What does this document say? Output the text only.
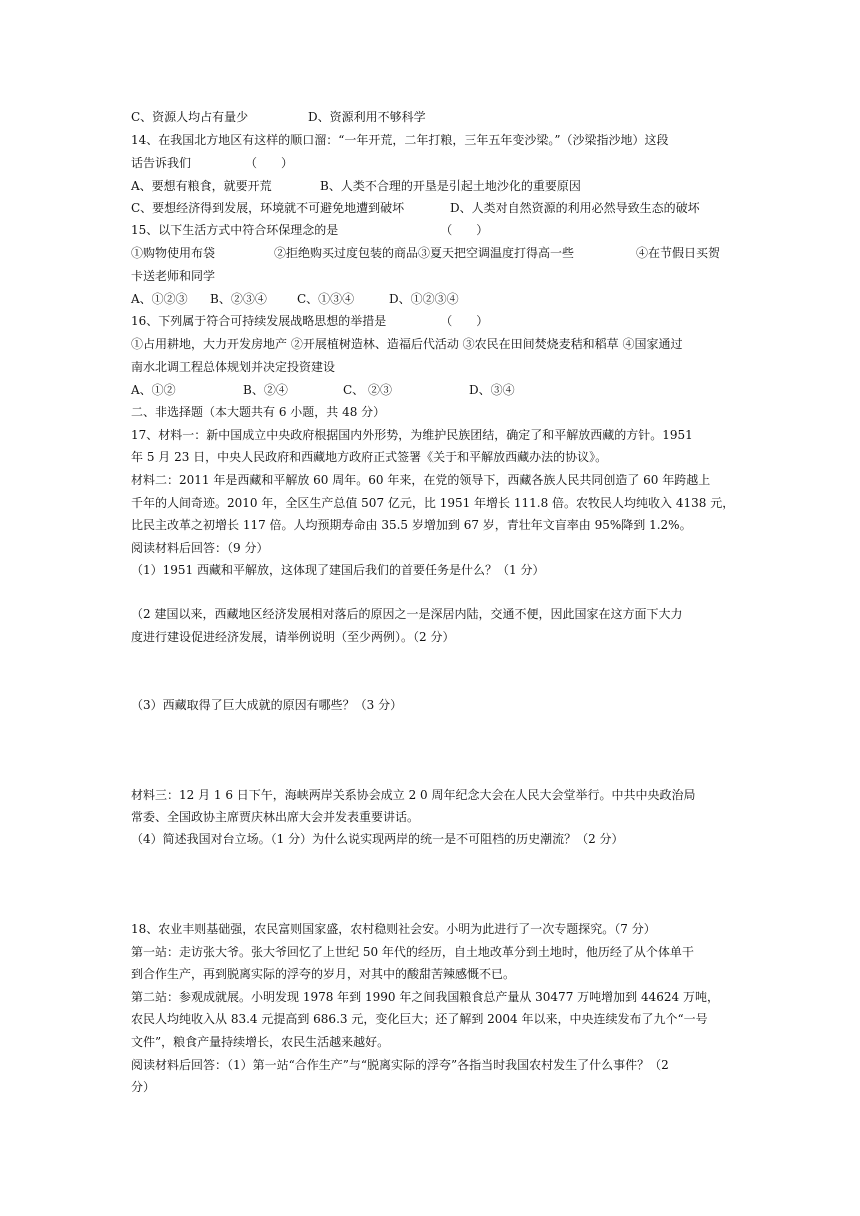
C、资源人均占有量少	D、资源利用不够科学
14、在我国北方地区有这样的顺口溜：“一年开荒，二年打粮，三年五年变沙梁。”（沙梁指沙地）这段
话告诉我们　　　　　（　　）
A、要想有粮食，就要开荒	B、人类不合理的开垦是引起土地沙化的重要原因
C、要想经济得到发展，环境就不可避免地遭到破坏	D、人类对自然资源的利用必然导致生态的破坏
15、以下生活方式中符合环保理念的是　　　　　　　　　（　　）
①购物使用布袋	②拒绝购买过度包装的商品③夏天把空调温度打得高一些	④在节假日买贺
卡送老师和同学
A、①②③ B、②③④	C、①③④	D、①②③④
16、下列属于符合可持续发展战略思想的举措是　　　　　（　　）
①占用耕地，大力开发房地产 ②开展植树造林、造福后代活动 ③农民在田间焚烧麦秸和稻草 ④国家通过
南水北调工程总体规划并决定投资建设
A、①②	B、②④	C、 ②③	D、③④
二、非选择题（本大题共有 6 小题，共 48 分）
17、材料一：新中国成立中央政府根据国内外形势，为维护民族团结，确定了和平解放西藏的方针。1951
年 5 月 23 日，中央人民政府和西藏地方政府正式签署《关于和平解放西藏办法的协议》。
材料二：2011 年是西藏和平解放 60 周年。60 年来，在党的领导下，西藏各族人民共同创造了 60 年跨越上
千年的人间奇迹。2010 年，全区生产总值 507 亿元，比 1951 年增长 111.8 倍。农牧民人均纯收入 4138 元，
比民主改革之初增长 117 倍。人均预期寿命由 35.5 岁增加到 67 岁，青壮年文盲率由 95%降到 1.2%。
阅读材料后回答：（9 分）
（1）1951 西藏和平解放，这体现了建国后我们的首要任务是什么？（1 分）
（2 建国以来，西藏地区经济发展相对落后的原因之一是深居内陆，交通不便，因此国家在这方面下大力
度进行建设促进经济发展，请举例说明（至少两例）。（2 分）
（3）西藏取得了巨大成就的原因有哪些？（3 分）
材料三：12 月 1 6 日下午，海峡两岸关系协会成立 2 0 周年纪念大会在人民大会堂举行。中共中央政治局
常委、全国政协主席贾庆林出席大会并发表重要讲话。
（4）简述我国对台立场。（1 分）为什么说实现两岸的统一是不可阻档的历史潮流？（2 分）
18、农业丰则基础强，农民富则国家盛，农村稳则社会安。小明为此进行了一次专题探究。（7 分）
第一站：走访张大爷。张大爷回忆了上世纪 50 年代的经历，自土地改革分到土地时，他历经了从个体单干
到合作生产，再到脱离实际的浮夸的岁月，对其中的酸甜苦辣感慨不已。
第二站：参观成就展。小明发现 1978 年到 1990 年之间我国粮食总产量从 30477 万吨增加到 44624 万吨，
农民人均纯收入从 83.4 元提高到 686.3 元，变化巨大；还了解到 2004 年以来，中央连续发布了九个“一号
文件”，粮食产量持续增长，农民生活越来越好。
阅读材料后回答：（1）第一站“合作生产”与“脱离实际的浮夸”各指当时我国农村发生了什么事件？（2
分）
